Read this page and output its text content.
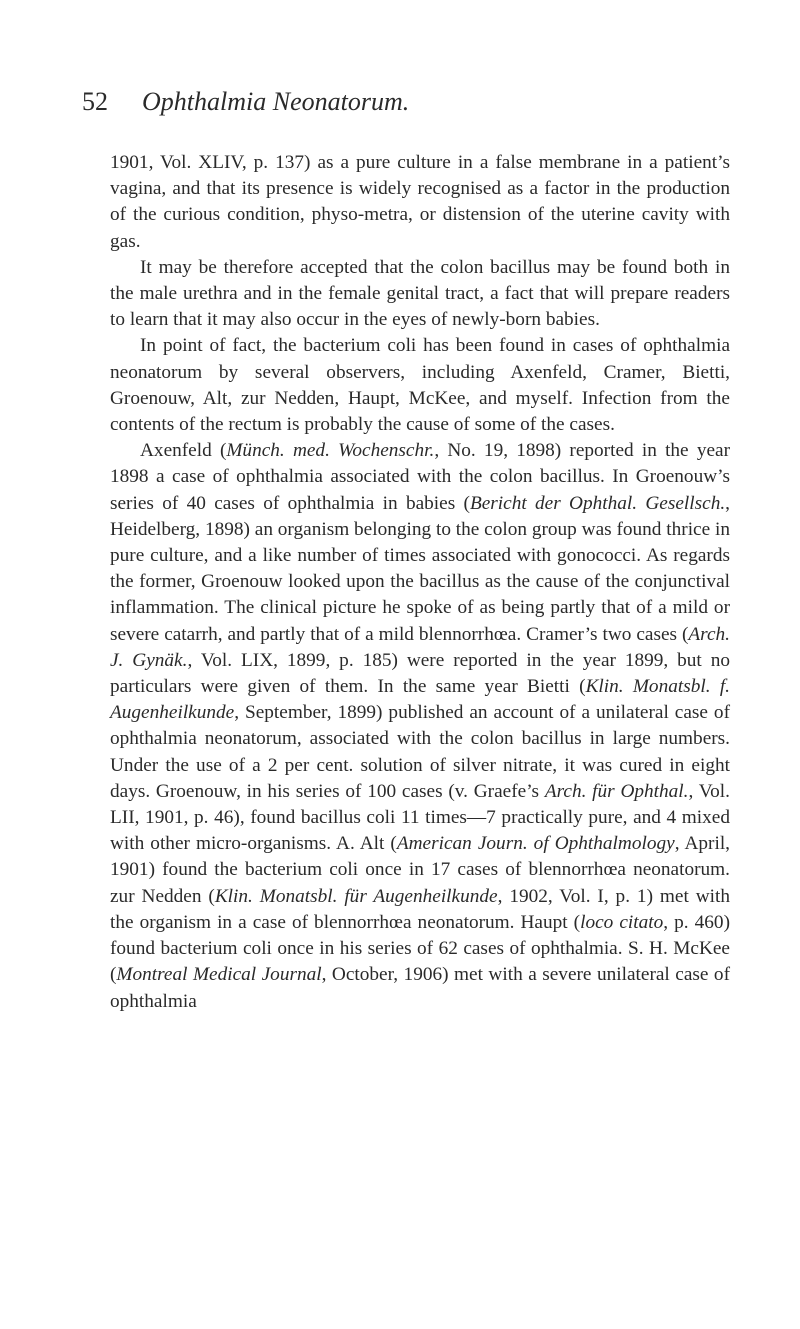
52 Ophthalmia Neonatorum.

1901, Vol. XLIV, p. 137) as a pure culture in a false membrane in a patient’s vagina, and that its presence is widely recognised as a factor in the production of the curious condition, physo-metra, or distension of the uterine cavity with gas.

It may be therefore accepted that the colon bacillus may be found both in the male urethra and in the female genital tract, a fact that will prepare readers to learn that it may also occur in the eyes of newly-born babies.

In point of fact, the bacterium coli has been found in cases of ophthalmia neonatorum by several observers, including Axenfeld, Cramer, Bietti, Groenouw, Alt, zur Nedden, Haupt, McKee, and myself. Infection from the contents of the rectum is probably the cause of some of the cases.

Axenfeld (Münch. med. Wochenschr., No. 19, 1898) reported in the year 1898 a case of ophthalmia associated with the colon bacillus. In Groenouw’s series of 40 cases of ophthalmia in babies (Bericht der Ophthal. Gesellsch., Heidelberg, 1898) an organism belonging to the colon group was found thrice in pure culture, and a like number of times associated with gonococci. As regards the former, Groenouw looked upon the bacillus as the cause of the conjunctival inflammation. The clinical picture he spoke of as being partly that of a mild or severe catarrh, and partly that of a mild blennorrhœa. Cramer’s two cases (Arch. J. Gynäk., Vol. LIX, 1899, p. 185) were reported in the year 1899, but no particulars were given of them. In the same year Bietti (Klin. Monatsbl. f. Augenheilkunde, September, 1899) published an account of a unilateral case of ophthalmia neonatorum, associated with the colon bacillus in large numbers. Under the use of a 2 per cent. solution of silver nitrate, it was cured in eight days. Groenouw, in his series of 100 cases (v. Graefe’s Arch. für Ophthal., Vol. LII, 1901, p. 46), found bacillus coli 11 times—7 practically pure, and 4 mixed with other micro-organisms. A. Alt (American Journ. of Ophthalmology, April, 1901) found the bacterium coli once in 17 cases of blennorrhœa neonatorum. zur Nedden (Klin. Monatsbl. für Augenheilkunde, 1902, Vol. I, p. 1) met with the organism in a case of blennorrhœa neonatorum. Haupt (loco citato, p. 460) found bacterium coli once in his series of 62 cases of ophthalmia. S. H. McKee (Montreal Medical Journal, October, 1906) met with a severe unilateral case of ophthalmia
